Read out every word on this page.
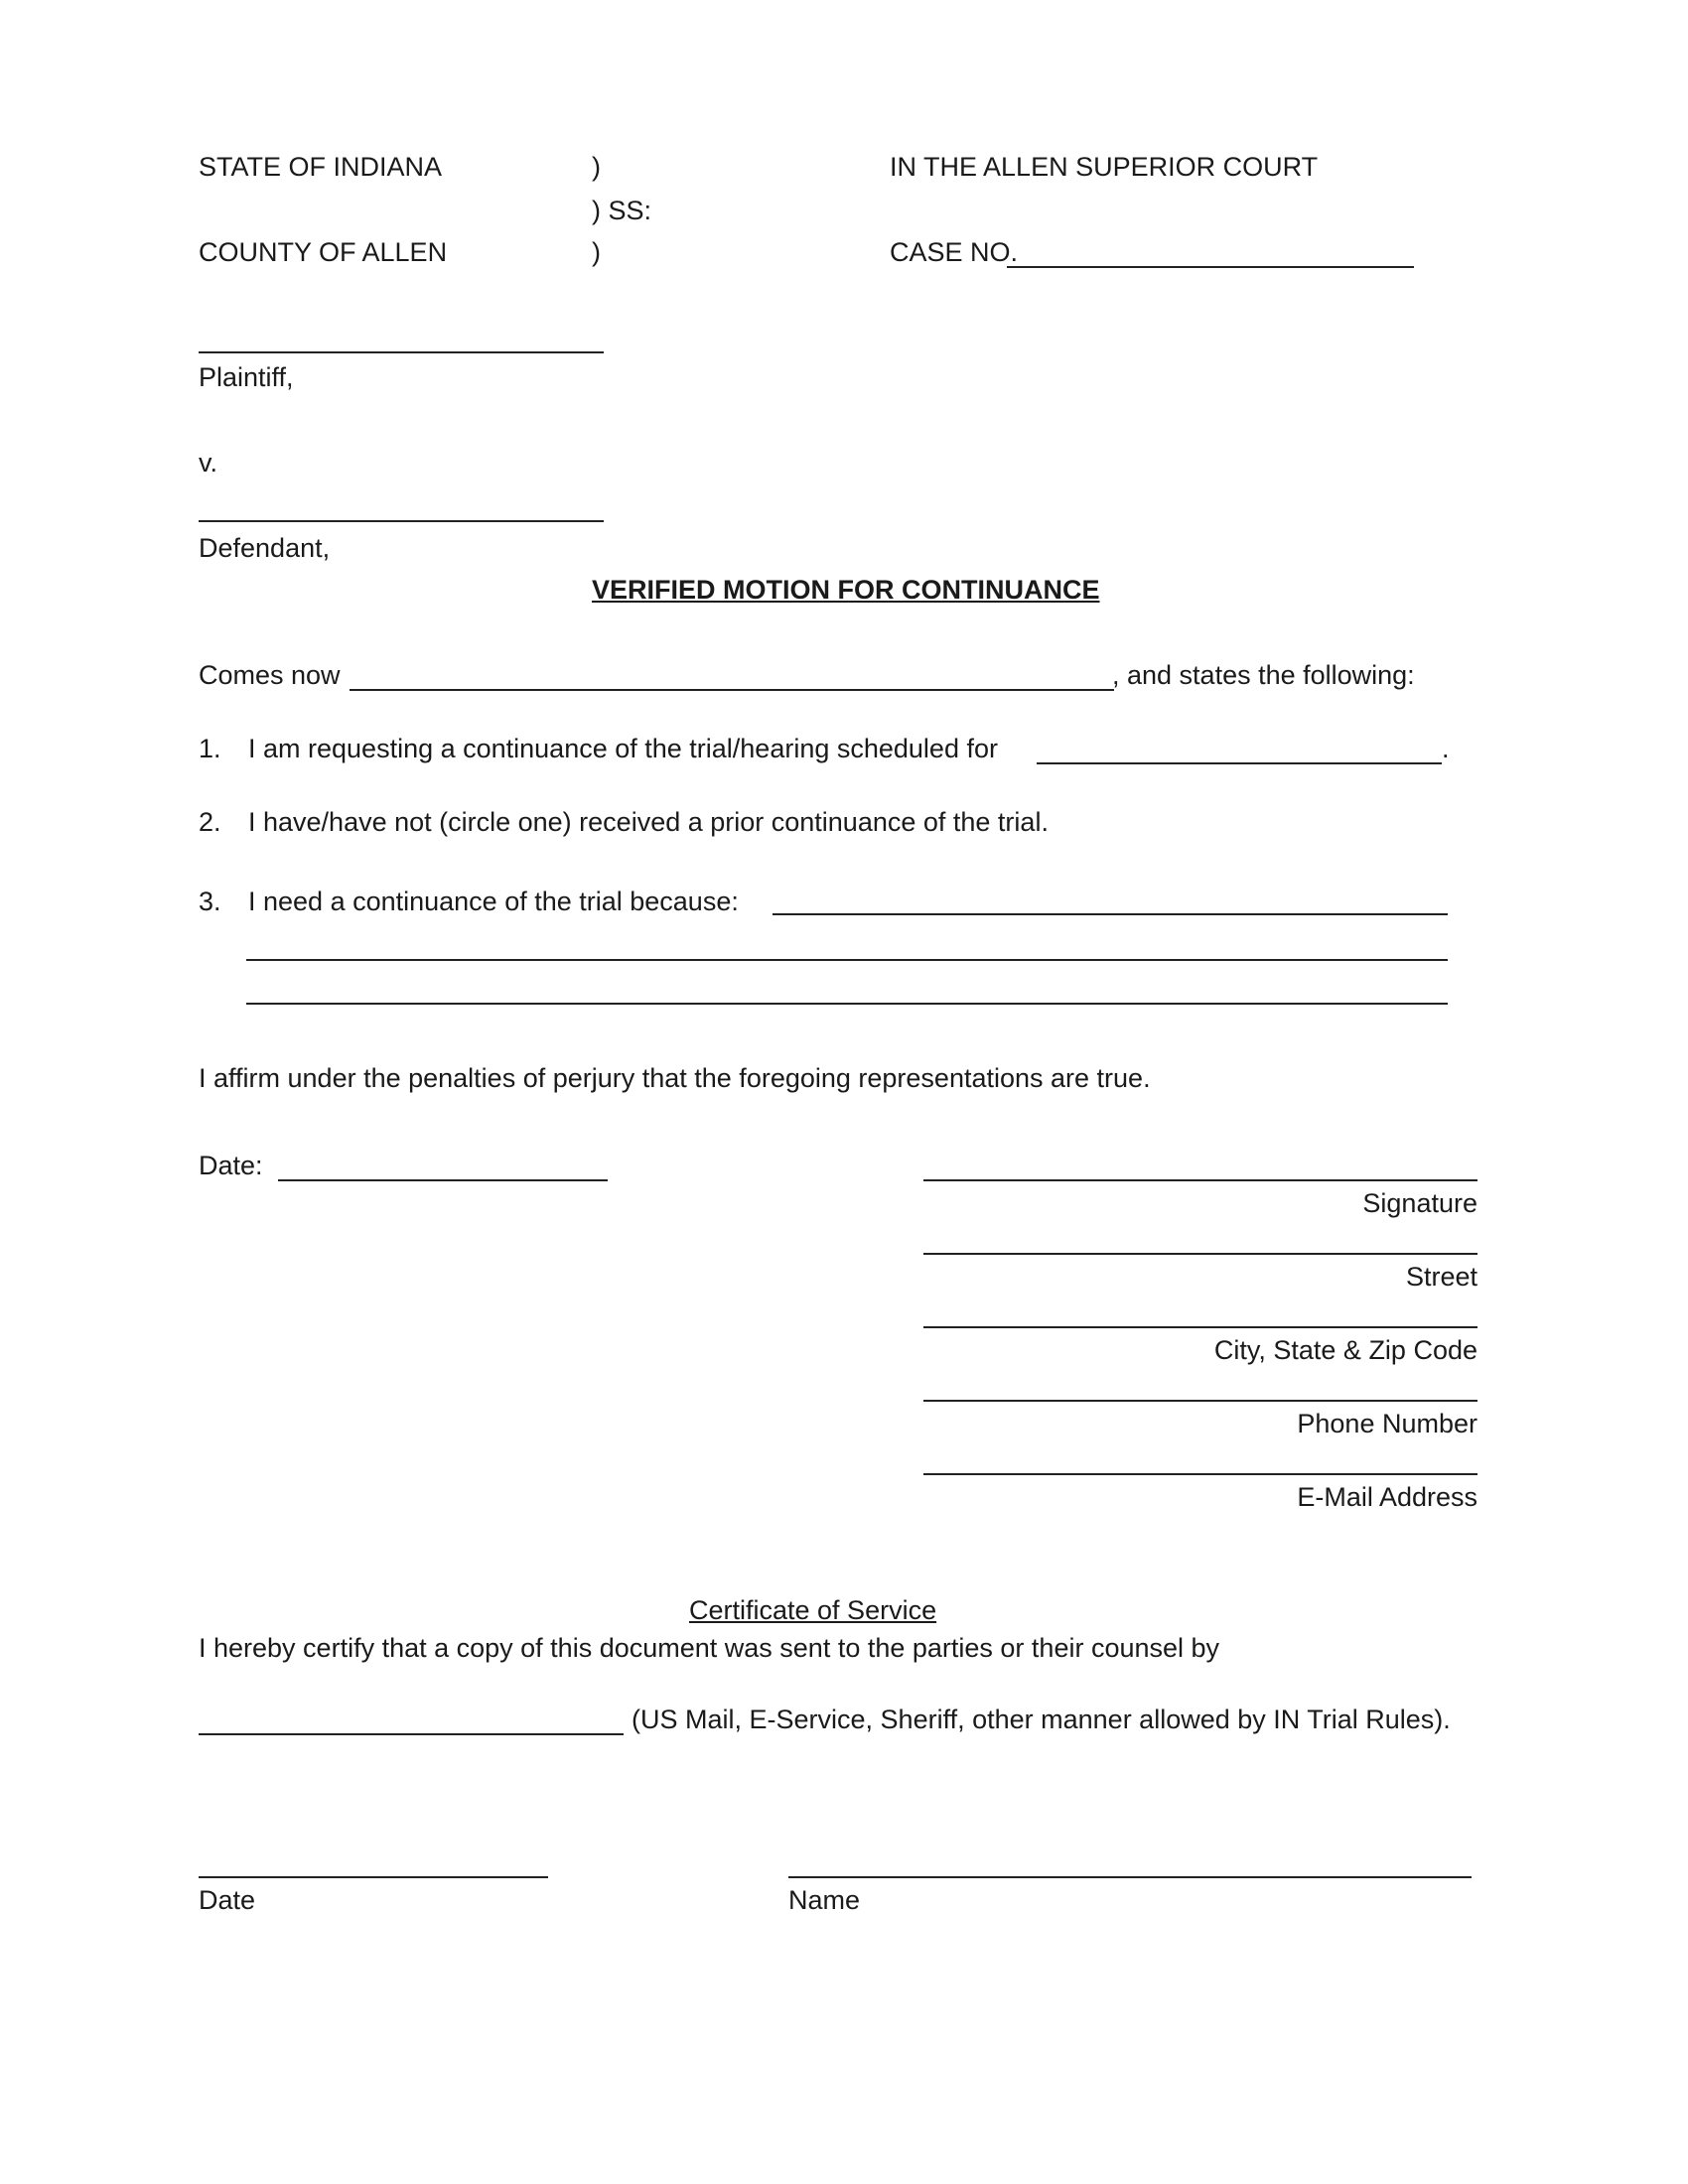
STATE OF INDIANA	)	IN THE ALLEN SUPERIOR COURT
) SS:
COUNTY OF ALLEN	)	CASE NO.
Plaintiff,
v.
Defendant,
VERIFIED MOTION FOR CONTINUANCE
Comes now	, and states the following:
1. I am requesting a continuance of the trial/hearing scheduled for	.
2. I have/have not (circle one) received a prior continuance of the trial.
3. I need a continuance of the trial because:
I affirm under the penalties of perjury that the foregoing representations are true.
Date:
Signature
Street
City, State & Zip Code
Phone Number
E-Mail Address
Certificate of Service
I hereby certify that a copy of this document was sent to the parties or their counsel by
(US Mail, E-Service, Sheriff, other manner allowed by IN Trial Rules).
Date	Name
